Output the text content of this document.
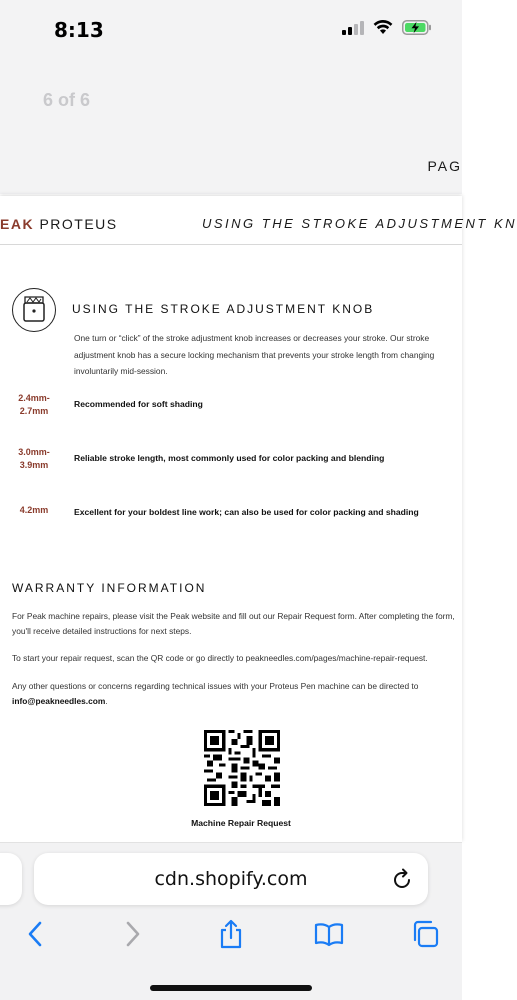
8:13
6 of 6
PAG
EAK PROTEUS	USING THE STROKE ADJUSTMENT KN
USING THE STROKE ADJUSTMENT KNOB
One turn or “click” of the stroke adjustment knob increases or decreases your stroke. Our stroke adjustment knob has a secure locking mechanism that prevents your stroke length from changing involuntarily mid-session.
2.4mm-
2.7mm
Recommended for soft shading
3.0mm-
3.9mm
Reliable stroke length, most commonly used for color packing and blending
4.2mm	Excellent for your boldest line work; can also be used for color packing and shading
WARRANTY INFORMATION
For Peak machine repairs, please visit the Peak website and fill out our Repair Request form. After completing the form, you'll receive detailed instructions for next steps.
To start your repair request, scan the QR code or go directly to peakneedles.com/pages/machine-repair-request.
Any other questions or concerns regarding technical issues with your Proteus Pen machine can be directed to info@peakneedles.com.
Machine Repair Request
cdn.shopify.com
